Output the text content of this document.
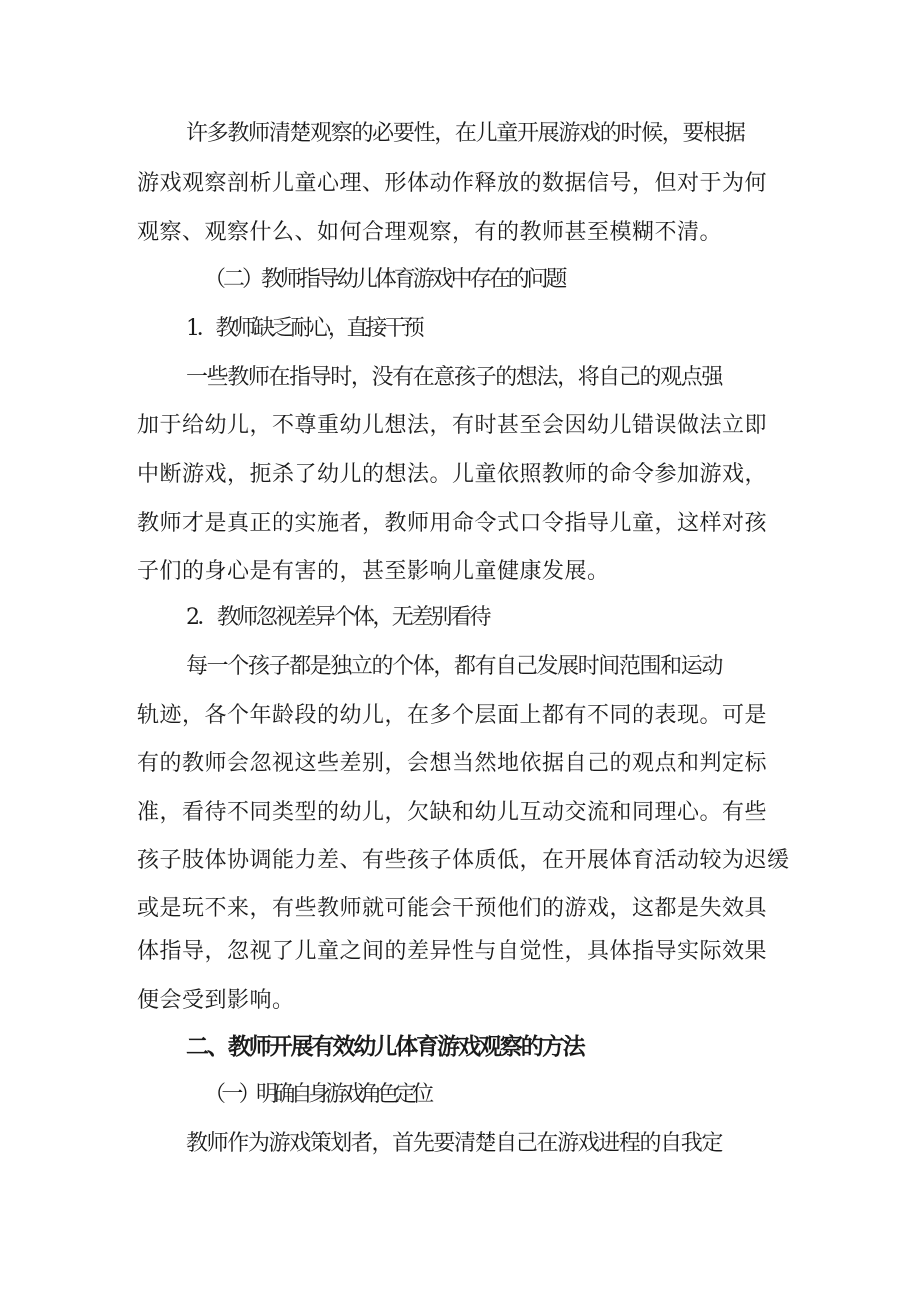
许多教师清楚观察的必要性，在儿童开展游戏的时候，要根据
游戏观察剖析儿童心理、形体动作释放的数据信号，但对于为何
观察、观察什么、如何合理观察，有的教师甚至模糊不清。
（二）教师指导幼儿体育游戏中存在的问题
1．教师缺乏耐心，直接干预
一些教师在指导时，没有在意孩子的想法，将自己的观点强
加于给幼儿，不尊重幼儿想法，有时甚至会因幼儿错误做法立即
中断游戏，扼杀了幼儿的想法。儿童依照教师的命令参加游戏，
教师才是真正的实施者，教师用命令式口令指导儿童，这样对孩
子们的身心是有害的，甚至影响儿童健康发展。
2．教师忽视差异个体，无差别看待
每一个孩子都是独立的个体，都有自己发展时间范围和运动
轨迹，各个年龄段的幼儿，在多个层面上都有不同的表现。可是
有的教师会忽视这些差别，会想当然地依据自己的观点和判定标
准，看待不同类型的幼儿，欠缺和幼儿互动交流和同理心。有些
孩子肢体协调能力差、有些孩子体质低，在开展体育活动较为迟缓
或是玩不来，有些教师就可能会干预他们的游戏，这都是失效具
体指导，忽视了儿童之间的差异性与自觉性，具体指导实际效果
便会受到影响。
二、教师开展有效幼儿体育游戏观察的方法
（一）明确自身游戏角色定位
教师作为游戏策划者，首先要清楚自己在游戏进程的自我定
